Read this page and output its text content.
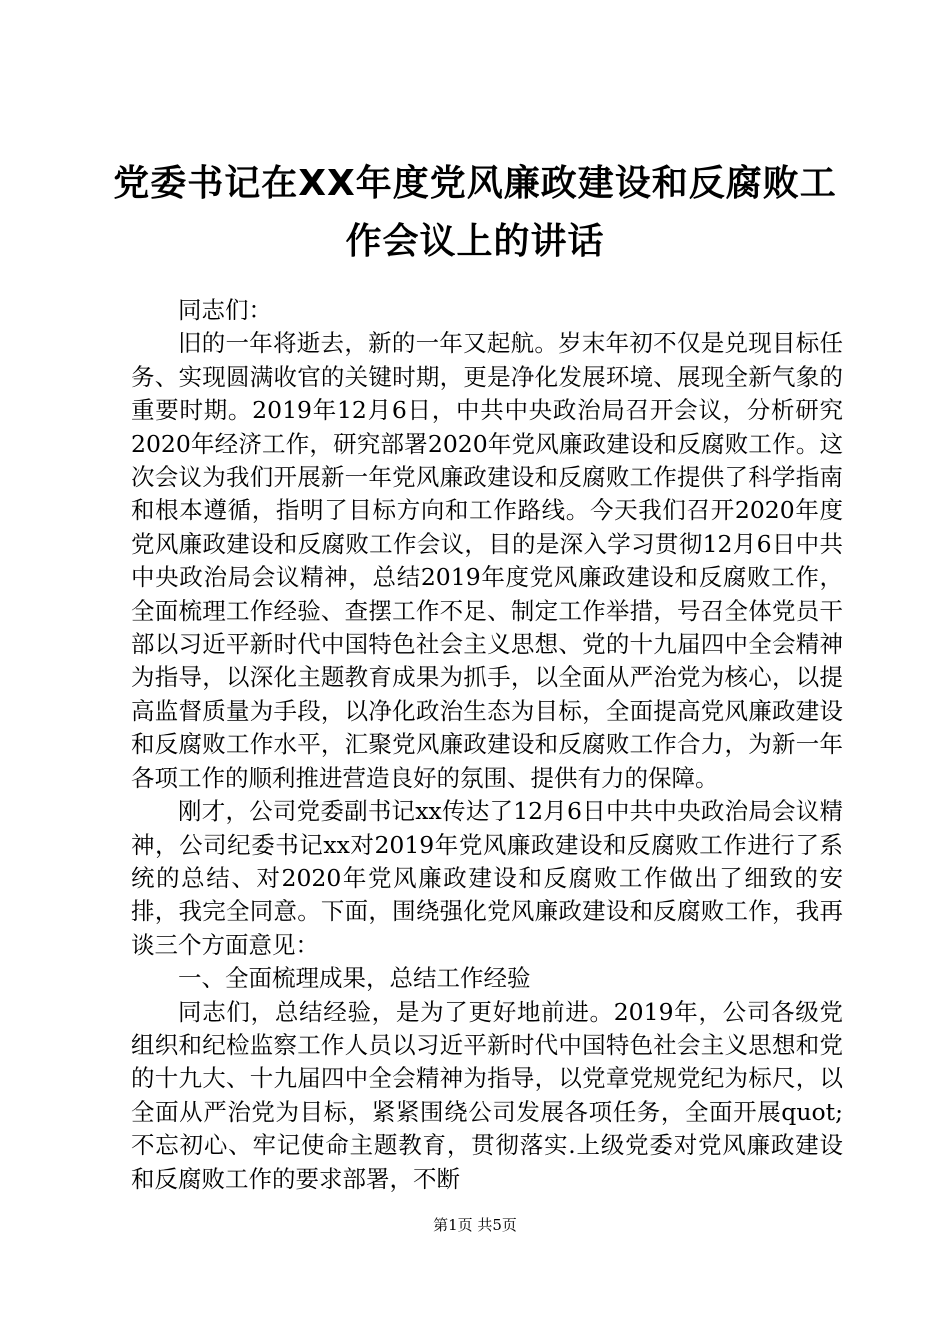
党委书记在XX年度党风廉政建设和反腐败工
作会议上的讲话

同志们：

旧的一年将逝去，新的一年又起航。岁末年初不仅是兑现目标任务、实现圆满收官的关键时期，更是净化发展环境、展现全新气象的重要时期。2019年12月6日，中共中央政治局召开会议，分析研究2020年经济工作，研究部署2020年党风廉政建设和反腐败工作。这次会议为我们开展新一年党风廉政建设和反腐败工作提供了科学指南和根本遵循，指明了目标方向和工作路线。今天我们召开2020年度党风廉政建设和反腐败工作会议，目的是深入学习贯彻12月6日中共中央政治局会议精神，总结2019年度党风廉政建设和反腐败工作，全面梳理工作经验、查摆工作不足、制定工作举措，号召全体党员干部以习近平新时代中国特色社会主义思想、党的十九届四中全会精神为指导，以深化主题教育成果为抓手，以全面从严治党为核心，以提高监督质量为手段，以净化政治生态为目标，全面提高党风廉政建设和反腐败工作水平，汇聚党风廉政建设和反腐败工作合力，为新一年各项工作的顺利推进营造良好的氛围、提供有力的保障。

刚才，公司党委副书记xx传达了12月6日中共中央政治局会议精神，公司纪委书记xx对2019年党风廉政建设和反腐败工作进行了系统的总结、对2020年党风廉政建设和反腐败工作做出了细致的安排，我完全同意。下面，围绕强化党风廉政建设和反腐败工作，我再谈三个方面意见：

一、全面梳理成果，总结工作经验

同志们，总结经验，是为了更好地前进。2019年，公司各级党组织和纪检监察工作人员以习近平新时代中国特色社会主义思想和党的十九大、十九届四中全会精神为指导，以党章党规党纪为标尺，以全面从严治党为目标，紧紧围绕公司发展各项任务，全面开展quot;不忘初心、牢记使命主题教育，贯彻落实.上级党委对党风廉政建设和反腐败工作的要求部署，不断

第1页 共5页
